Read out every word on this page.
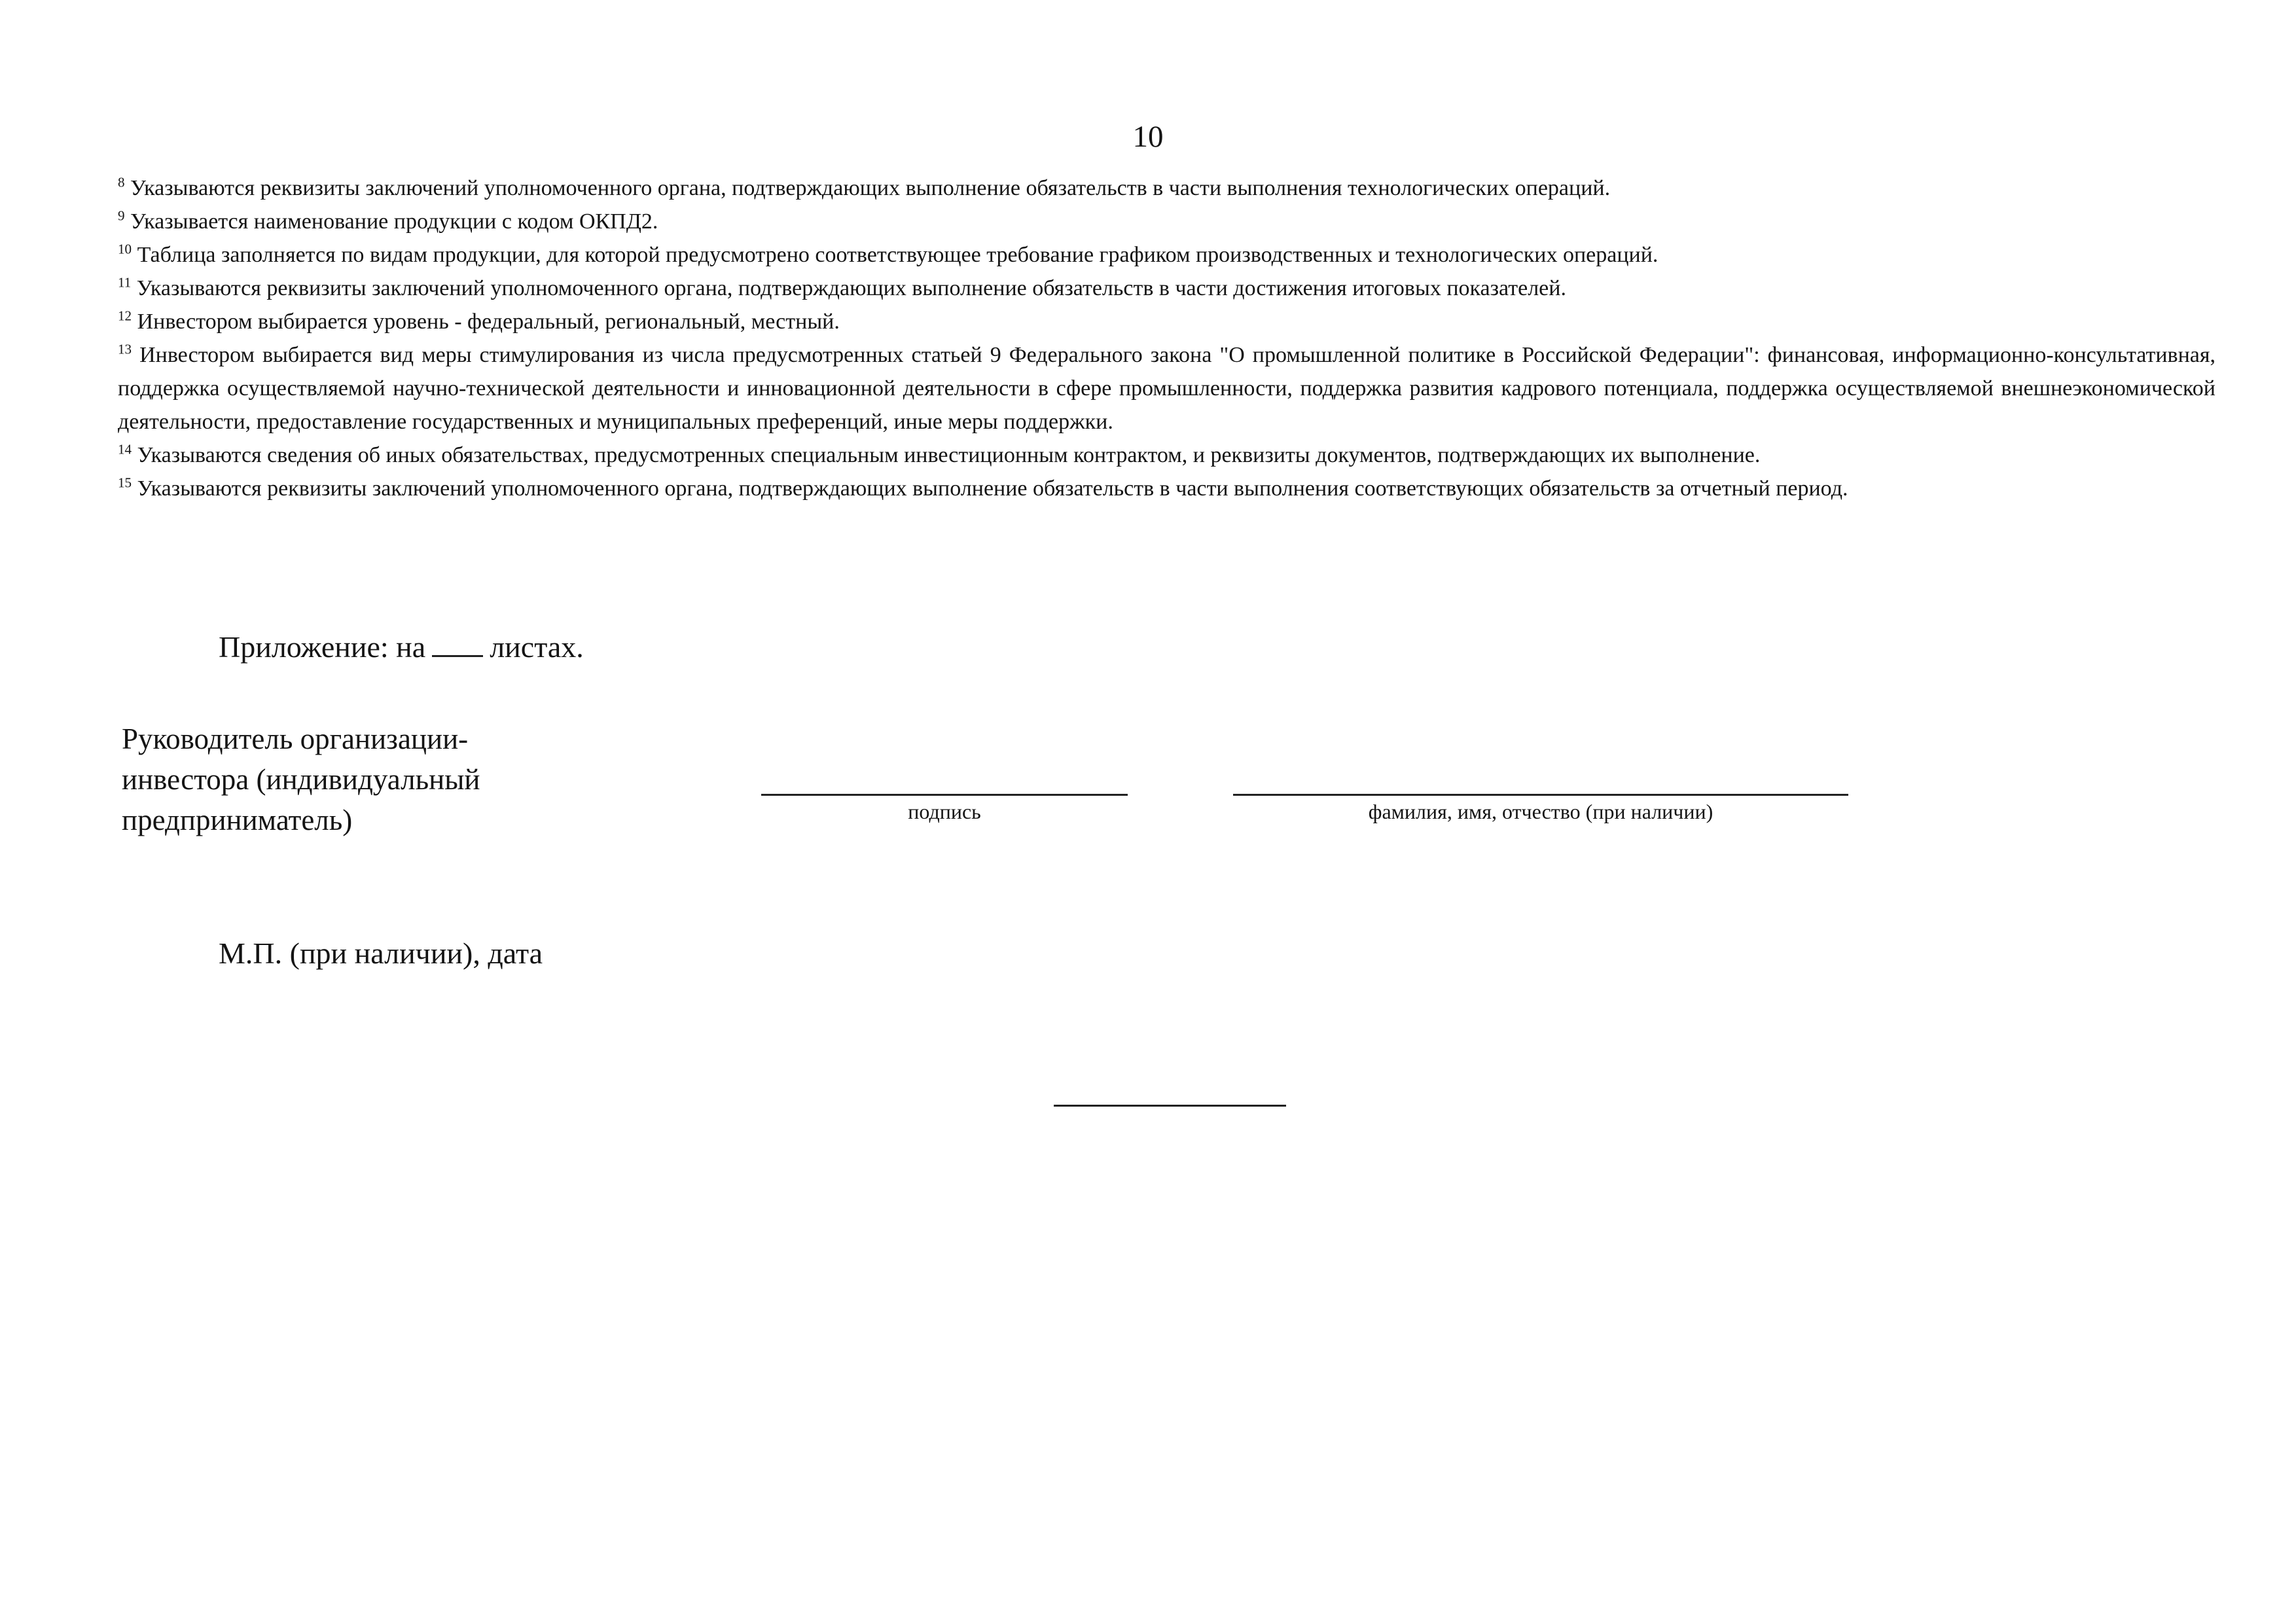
10

$^8$ Указываются реквизиты заключений уполномоченного органа, подтверждающих выполнение обязательств в части выполнения технологических операций.

$^9$ Указывается наименование продукции с кодом ОКПД2.

$^{10}$ Таблица заполняется по видам продукции, для которой предусмотрено соответствующее требование графиком производственных и технологических операций.

$^{11}$ Указываются реквизиты заключений уполномоченного органа, подтверждающих выполнение обязательств в части достижения итоговых показателей.

$^{12}$ Инвестором выбирается уровень - федеральный, региональный, местный.

$^{13}$ Инвестором выбирается вид меры стимулирования из числа предусмотренных статьей 9 Федерального закона "О промышленной политике в Российской Федерации": финансовая, информационно-консультативная, поддержка осуществляемой научно-технической деятельности и инновационной деятельности в сфере промышленности, поддержка развития кадрового потенциала, поддержка осуществляемой внешнеэкономической деятельности, предоставление государственных и муниципальных преференций, иные меры поддержки.

$^{14}$ Указываются сведения об иных обязательствах, предусмотренных специальным инвестиционным контрактом, и реквизиты документов, подтверждающих их выполнение.

$^{15}$ Указываются реквизиты заключений уполномоченного органа, подтверждающих выполнение обязательств в части выполнения соответствующих обязательств за отчетный период.

Приложение: на листах.
Руководитель организации-
инвестора (индивидуальный
предприниматель)	подпись	фамилия, имя, отчество (при наличии)
М.П. (при наличии), дата
